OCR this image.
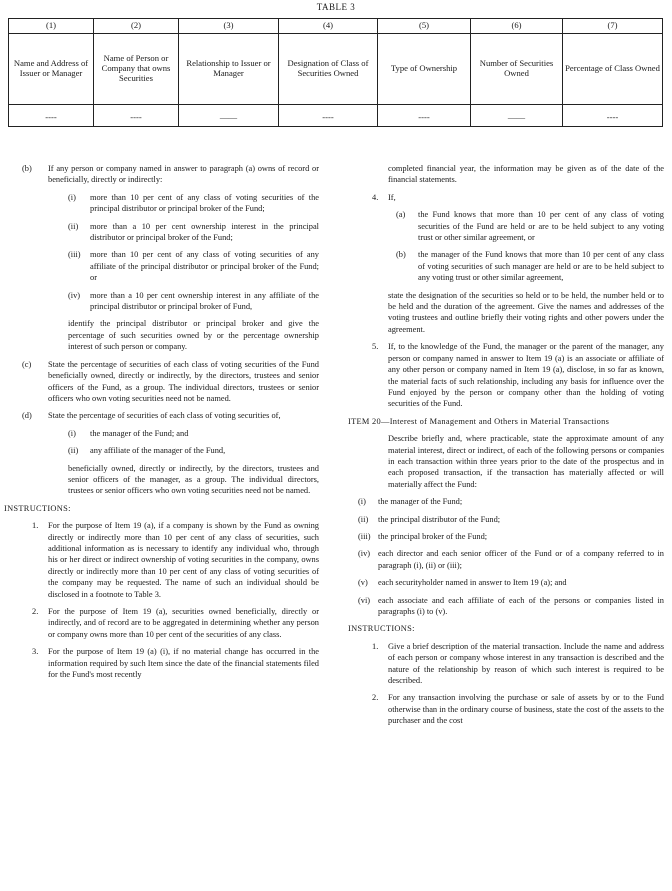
TABLE 3
(1)	(2)	(3)	(4)	(5)	(6)	(7)
Name and Address of Issuer or Manager	Name of Person or Company that owns Securities	Relationship to Issuer or Manager	Designation of Class of Securities Owned	Type of Ownership	Number of Securities Owned	Percentage of Class Owned

----	----	——	----	----	——	----
(b) If any person or company named in answer to paragraph (a) owns of record or beneficially, directly or indirectly:
(i) more than 10 per cent of any class of voting securities of the principal distributor or principal broker of the Fund;
(ii) more than a 10 per cent ownership interest in the principal distributor or principal broker of the Fund;
(iii) more than 10 per cent of any class of voting securities of any affiliate of the principal distributor or principal broker of the Fund; or
(iv) more than a 10 per cent ownership interest in any affiliate of the principal distributor or principal broker of Fund,
identify the principal distributor or principal broker and give the percentage of such securities owned by or the percentage ownership interest of such person or company.
(c) State the percentage of securities of each class of voting securities of the Fund beneficially owned, directly or indirectly, by the directors, trustees and senior officers of the Fund, as a group. The individual directors, trustees or senior officers who own voting securities need not be named.
(d) State the percentage of securities of each class of voting securities of,
(i) the manager of the Fund; and
(ii) any affiliate of the manager of the Fund,
beneficially owned, directly or indirectly, by the directors, trustees and senior officers of the manager, as a group. The individual directors, trustees or senior officers who own voting securities need not be named.
INSTRUCTIONS:
1. For the purpose of Item 19 (a), if a company is shown by the Fund as owning directly or indirectly more than 10 per cent of any class of securities, such additional information as is necessary to identify any individual who, through his or her direct or indirect ownership of voting securities in the company, owns directly or indirectly more than 10 per cent of any class of voting securities of the company may be requested. The name of such an individual should be disclosed in a footnote to Table 3.
2. For the purpose of Item 19 (a), securities owned beneficially, directly or indirectly, and of record are to be aggregated in determining whether any person or company owns more than 10 per cent of the securities of any class.
3. For the purpose of Item 19 (a) (i), if no material change has occurred in the information required by such Item since the date of the financial statements filed for the Fund's most recently
completed financial year, the information may be given as of the date of the financial statements.
4. If,
(a) the Fund knows that more than 10 per cent of any class of voting securities of the Fund are held or are to be held subject to any voting trust or other similar agreement, or
(b) the manager of the Fund knows that more than 10 per cent of any class of voting securities of such manager are held or are to be held subject to any voting trust or other similar agreement,
state the designation of the securities so held or to be held, the number held or to be held and the duration of the agreement. Give the names and addresses of the voting trustees and outline briefly their voting rights and other powers under the agreement.
5. If, to the knowledge of the Fund, the manager or the parent of the manager, any person or company named in answer to Item 19 (a) is an associate or affiliate of any other person or company named in Item 19 (a), disclose, in so far as known, the material facts of such relationship, including any basis for influence over the Fund enjoyed by the person or company other than the holding of voting securities of the Fund.
ITEM 20—Interest of Management and Others in Material Transactions
Describe briefly and, where practicable, state the approximate amount of any material interest, direct or indirect, of each of the following persons or companies in each transaction within three years prior to the date of the prospectus and in each proposed transaction, if the transaction has materially affected or will materially affect the Fund:
(i) the manager of the Fund;
(ii) the principal distributor of the Fund;
(iii) the principal broker of the Fund;
(iv) each director and each senior officer of the Fund or of a company referred to in paragraph (i), (ii) or (iii);
(v) each securityholder named in answer to Item 19 (a); and
(vi) each associate and each affiliate of each of the persons or companies listed in paragraphs (i) to (v).
INSTRUCTIONS:
1. Give a brief description of the material transaction. Include the name and address of each person or company whose interest in any transaction is described and the nature of the relationship by reason of which such interest is required to be described.
2. For any transaction involving the purchase or sale of assets by or to the Fund otherwise than in the ordinary course of business, state the cost of the assets to the purchaser and the cost
